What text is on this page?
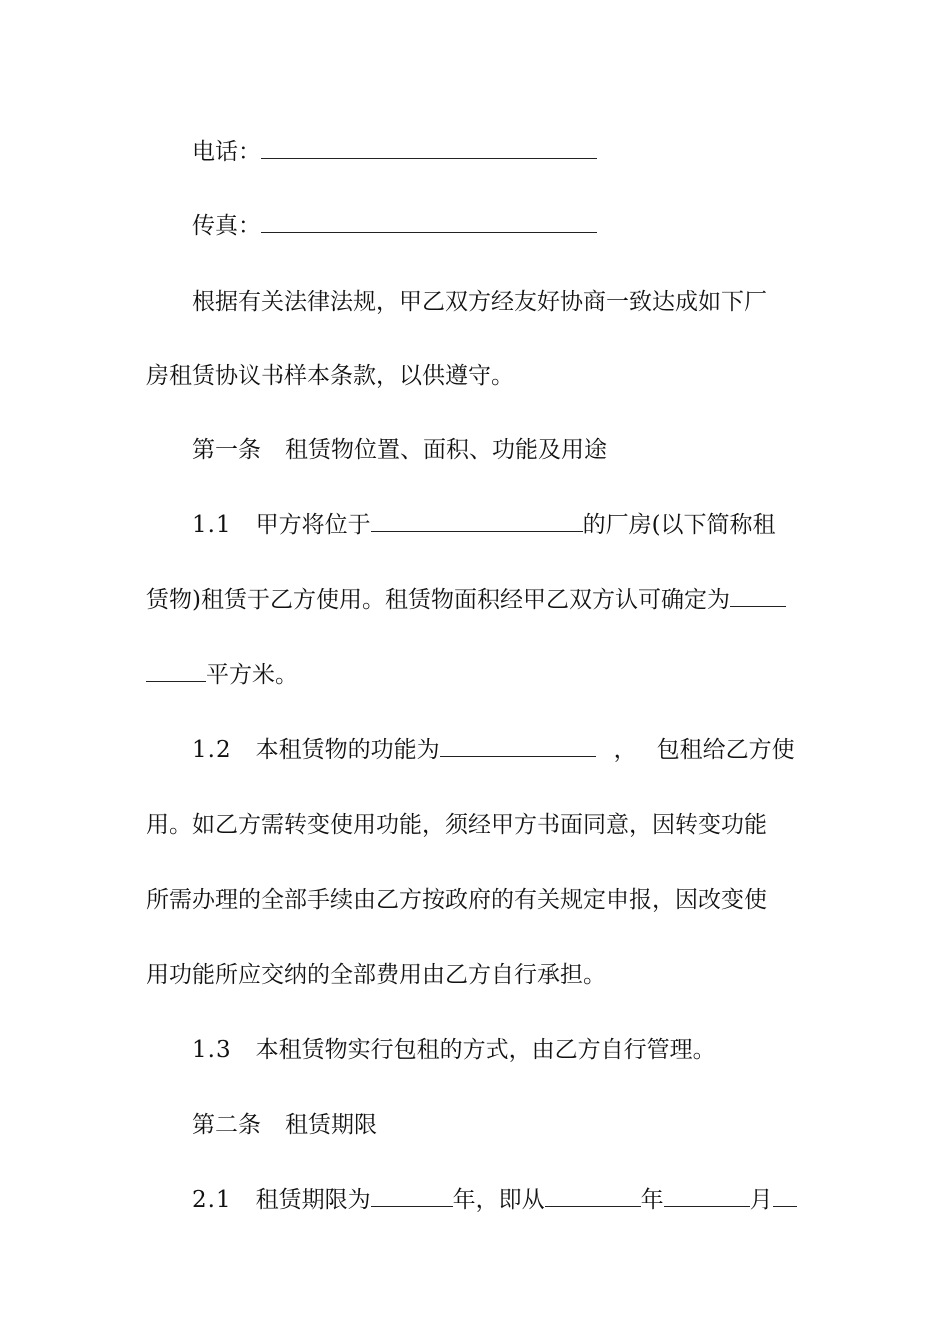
电话：
传真：
根据有关法律法规，甲乙双方经友好协商一致达成如下厂
房租赁协议书样本条款，以供遵守。
第一条 租赁物位置、面积、功能及用途
1.1 甲方将位于	的厂房(以下简称租
赁物)租赁于乙方使用。租赁物面积经甲乙双方认可确定为
平方米。
1.2 本租赁物的功能为	， 包租给乙方使
用。如乙方需转变使用功能，须经甲方书面同意，因转变功能
所需办理的全部手续由乙方按政府的有关规定申报，因改变使
用功能所应交纳的全部费用由乙方自行承担。
1.3 本租赁物实行包租的方式，由乙方自行管理。
第二条 租赁期限
2.1 租赁期限为	年，即从	年	月
